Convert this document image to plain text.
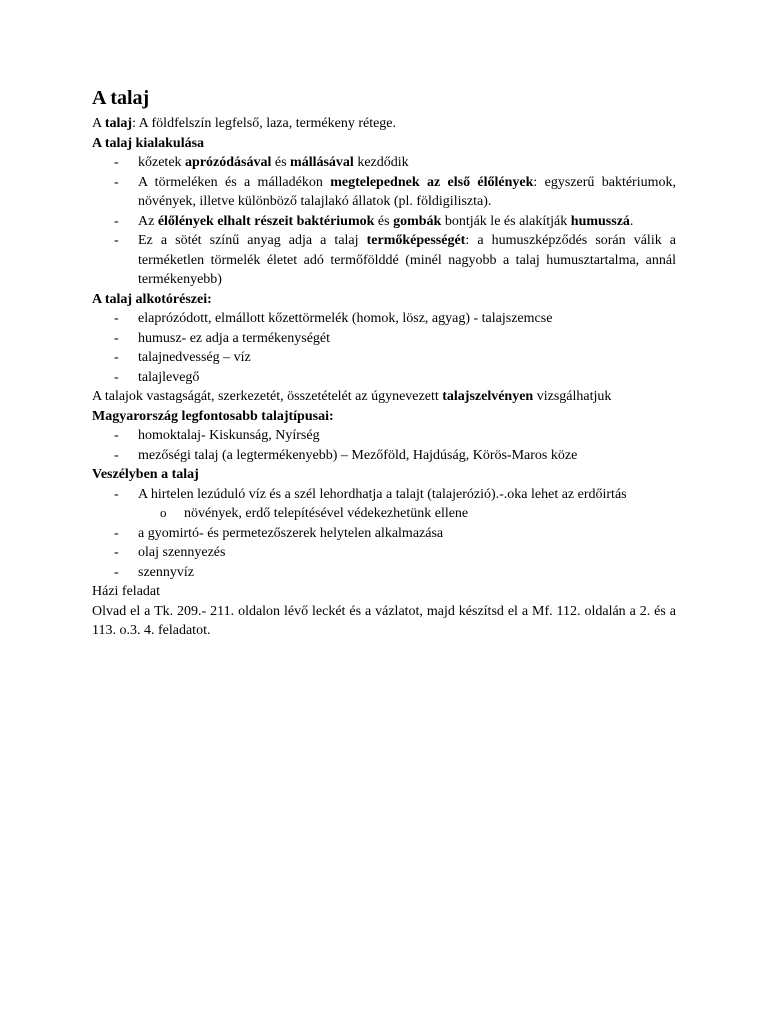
A talaj

A talaj: A földfelszín legfelső, laza, termékeny rétege.

A talaj kialakulása

- kőzetek aprózódásával és mállásával kezdődik
- A törmeléken és a málladékon megtelepednek az első élőlények: egyszerű baktériumok, növények, illetve különböző talajlakó állatok (pl. földigiliszta).
- Az élőlények elhalt részeit baktériumok és gombák bontják le és alakítják humusszá.
- Ez a sötét színű anyag adja a talaj termőképességét: a humuszképződés során válik a terméketlen törmelék életet adó termőfölddé (minél nagyobb a talaj humusztartalma, annál termékenyebb)

A talaj alkotórészei:

- elaprózódott, elmállott kőzettörmelék (homok, lösz, agyag) - talajszemcse
- humusz- ez adja a termékenységét
- talajnedvesség – víz
- talajlevegő

A talajok vastagságát, szerkezetét, összetételét az úgynevezett talajszelvényen vizsgálhatjuk

Magyarország legfontosabb talajtípusai:

- homoktalaj- Kiskunság, Nyírség
- mezőségi talaj (a legtermékenyebb) – Mezőföld, Hajdúság, Körös-Maros köze

Veszélyben a talaj

- A hirtelen lezúduló víz és a szél lehordhatja a talajt (talajerózió).-.oka lehet az erdőirtás
o növények, erdő telepítésével védekezhetünk ellene
- a gyomirtó- és permetezőszerek helytelen alkalmazása
- olaj szennyezés
- szennyvíz

Házi feladat

Olvad el a Tk. 209.- 211. oldalon lévő leckét és a vázlatot, majd készítsd el a Mf. 112. oldalán a 2. és a 113. o.3. 4. feladatot.
